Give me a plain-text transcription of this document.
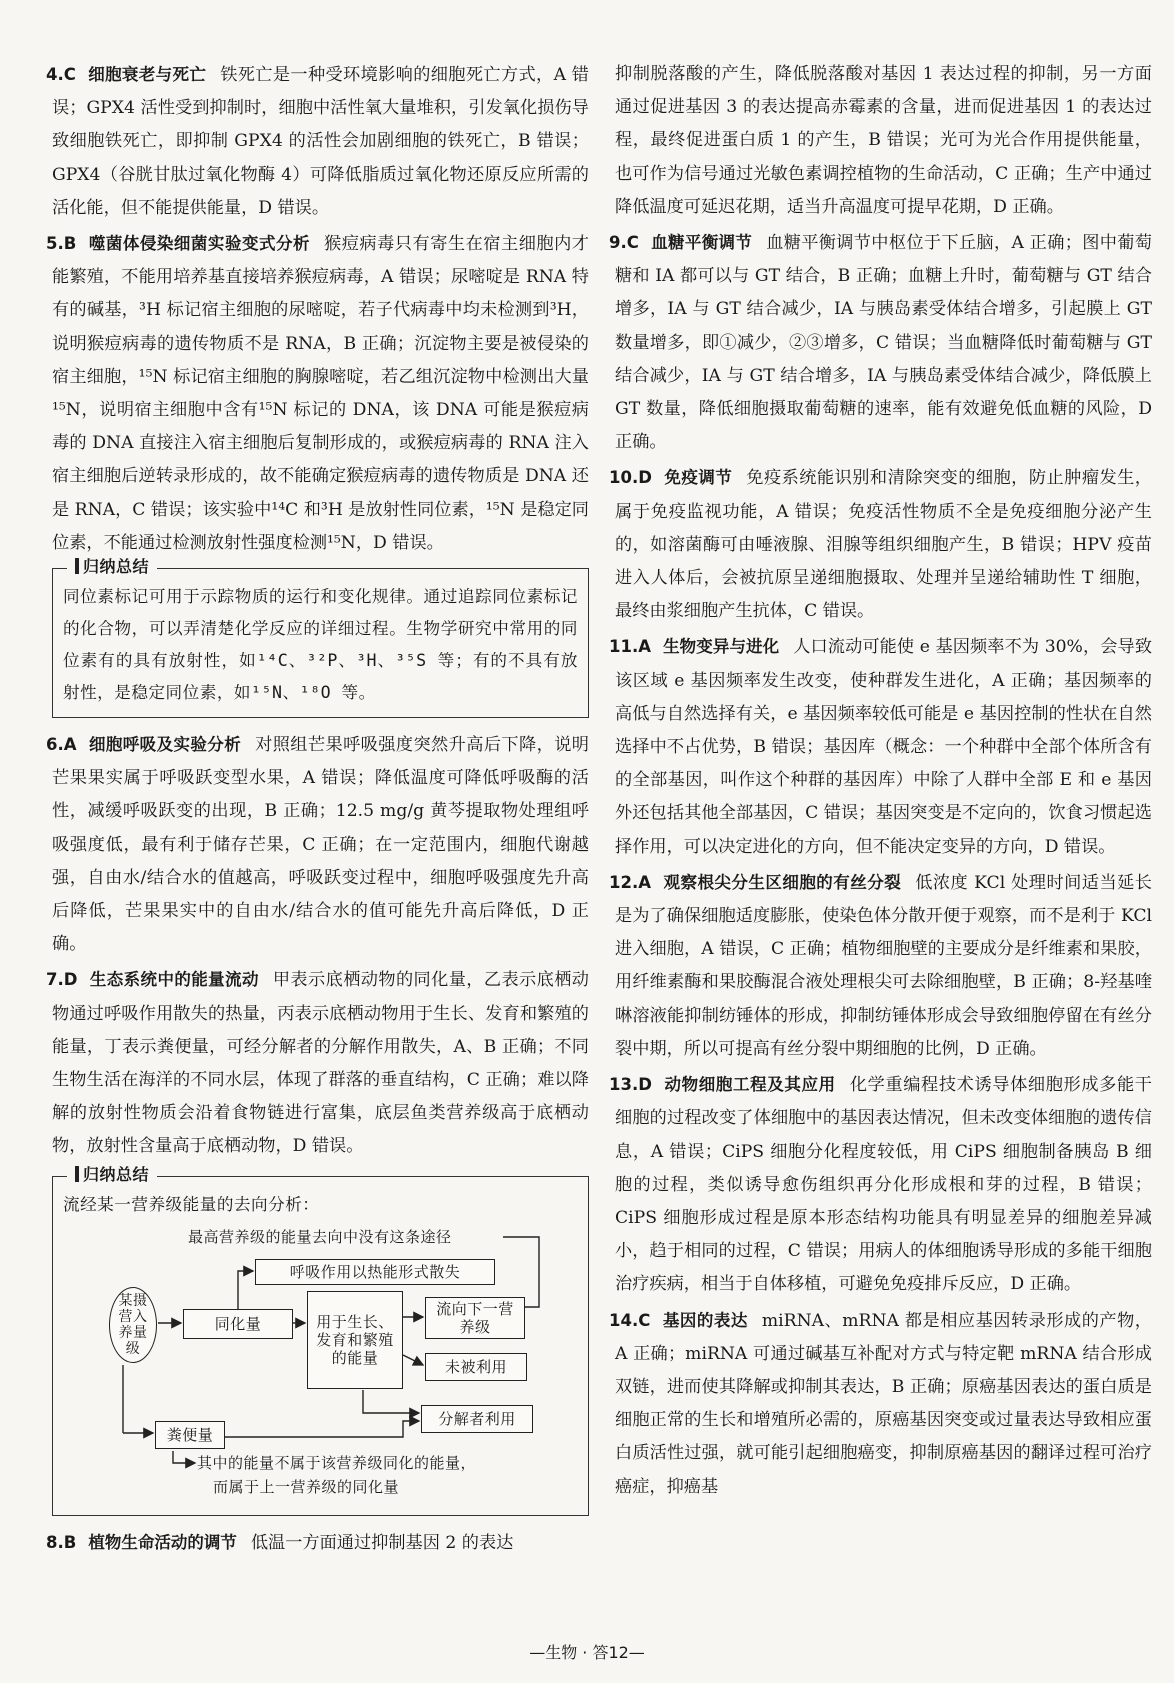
4.C 细胞衰老与死亡 铁死亡是一种受环境影响的细胞死亡方式，A 错误；GPX4 活性受到抑制时，细胞中活性氧大量堆积，引发氧化损伤导致细胞铁死亡，即抑制 GPX4 的活性会加剧细胞的铁死亡，B 错误；GPX4（谷胱甘肽过氧化物酶 4）可降低脂质过氧化物还原反应所需的活化能，但不能提供能量，D 错误。
5.B 噬菌体侵染细菌实验变式分析 猴痘病毒只有寄生在宿主细胞内才能繁殖，不能用培养基直接培养猴痘病毒，A 错误；尿嘧啶是 RNA 特有的碱基，³H 标记宿主细胞的尿嘧啶，若子代病毒中均未检测到³H，说明猴痘病毒的遗传物质不是 RNA，B 正确；沉淀物主要是被侵染的宿主细胞，¹⁵N 标记宿主细胞的胸腺嘧啶，若乙组沉淀物中检测出大量¹⁵N，说明宿主细胞中含有¹⁵N 标记的 DNA，该 DNA 可能是猴痘病毒的 DNA 直接注入宿主细胞后复制形成的，或猴痘病毒的 RNA 注入宿主细胞后逆转录形成的，故不能确定猴痘病毒的遗传物质是 DNA 还是 RNA，C 错误；该实验中¹⁴C 和³H 是放射性同位素，¹⁵N 是稳定同位素，不能通过检测放射性强度检测¹⁵N，D 错误。
归纳总结
同位素标记可用于示踪物质的运行和变化规律。通过追踪同位素标记的化合物，可以弄清楚化学反应的详细过程。生物学研究中常用的同位素有的具有放射性，如¹⁴C、³²P、³H、³⁵S 等；有的不具有放射性，是稳定同位素，如¹⁵N、¹⁸O 等。
6.A 细胞呼吸及实验分析 对照组芒果呼吸强度突然升高后下降，说明芒果果实属于呼吸跃变型水果，A 错误；降低温度可降低呼吸酶的活性，减缓呼吸跃变的出现，B 正确；12.5 mg/g 黄芩提取物处理组呼吸强度低，最有利于储存芒果，C 正确；在一定范围内，细胞代谢越强，自由水/结合水的值越高，呼吸跃变过程中，细胞呼吸强度先升高后降低，芒果果实中的自由水/结合水的值可能先升高后降低，D 正确。
7.D 生态系统中的能量流动 甲表示底栖动物的同化量，乙表示底栖动物通过呼吸作用散失的热量，丙表示底栖动物用于生长、发育和繁殖的能量，丁表示粪便量，可经分解者的分解作用散失，A、B 正确；不同生物生活在海洋的不同水层，体现了群落的垂直结构，C 正确；难以降解的放射性物质会沿着食物链进行富集，底层鱼类营养级高于底栖动物，放射性含量高于底栖动物，D 错误。
归纳总结
流经某一营养级能量的去向分析：
最高营养级的能量去向中没有这条途径
呼吸作用以热能形式散失
某摄营入养量级
同化量	用于生长、发育和繁殖的能量
流向下一营养级
未被利用
分解者利用
粪便量
其中的能量不属于该营养级同化的能量，
而属于上一营养级的同化量
8.B 植物生命活动的调节 低温一方面通过抑制基因 2 的表达
抑制脱落酸的产生，降低脱落酸对基因 1 表达过程的抑制，另一方面通过促进基因 3 的表达提高赤霉素的含量，进而促进基因 1 的表达过程，最终促进蛋白质 1 的产生，B 错误；光可为光合作用提供能量，也可作为信号通过光敏色素调控植物的生命活动，C 正确；生产中通过降低温度可延迟花期，适当升高温度可提早花期，D 正确。
9.C 血糖平衡调节 血糖平衡调节中枢位于下丘脑，A 正确；图中葡萄糖和 IA 都可以与 GT 结合，B 正确；血糖上升时，葡萄糖与 GT 结合增多，IA 与 GT 结合减少，IA 与胰岛素受体结合增多，引起膜上 GT 数量增多，即①减少，②③增多，C 错误；当血糖降低时葡萄糖与 GT 结合减少，IA 与 GT 结合增多，IA 与胰岛素受体结合减少，降低膜上 GT 数量，降低细胞摄取葡萄糖的速率，能有效避免低血糖的风险，D 正确。
10.D 免疫调节 免疫系统能识别和清除突变的细胞，防止肿瘤发生，属于免疫监视功能，A 错误；免疫活性物质不全是免疫细胞分泌产生的，如溶菌酶可由唾液腺、泪腺等组织细胞产生，B 错误；HPV 疫苗进入人体后，会被抗原呈递细胞摄取、处理并呈递给辅助性 T 细胞，最终由浆细胞产生抗体，C 错误。
11.A 生物变异与进化 人口流动可能使 e 基因频率不为 30%，会导致该区域 e 基因频率发生改变，使种群发生进化，A 正确；基因频率的高低与自然选择有关，e 基因频率较低可能是 e 基因控制的性状在自然选择中不占优势，B 错误；基因库（概念：一个种群中全部个体所含有的全部基因，叫作这个种群的基因库）中除了人群中全部 E 和 e 基因外还包括其他全部基因，C 错误；基因突变是不定向的，饮食习惯起选择作用，可以决定进化的方向，但不能决定变异的方向，D 错误。
12.A 观察根尖分生区细胞的有丝分裂 低浓度 KCl 处理时间适当延长是为了确保细胞适度膨胀，使染色体分散开便于观察，而不是利于 KCl 进入细胞，A 错误，C 正确；植物细胞壁的主要成分是纤维素和果胶，用纤维素酶和果胶酶混合液处理根尖可去除细胞壁，B 正确；8-羟基喹啉溶液能抑制纺锤体的形成，抑制纺锤体形成会导致细胞停留在有丝分裂中期，所以可提高有丝分裂中期细胞的比例，D 正确。
13.D 动物细胞工程及其应用 化学重编程技术诱导体细胞形成多能干细胞的过程改变了体细胞中的基因表达情况，但未改变体细胞的遗传信息，A 错误；CiPS 细胞分化程度较低，用 CiPS 细胞制备胰岛 B 细胞的过程，类似诱导愈伤组织再分化形成根和芽的过程，B 错误；CiPS 细胞形成过程是原本形态结构功能具有明显差异的细胞差异减小，趋于相同的过程，C 错误；用病人的体细胞诱导形成的多能干细胞治疗疾病，相当于自体移植，可避免免疫排斥反应，D 正确。
14.C 基因的表达 miRNA、mRNA 都是相应基因转录形成的产物，A 正确；miRNA 可通过碱基互补配对方式与特定靶 mRNA 结合形成双链，进而使其降解或抑制其表达，B 正确；原癌基因表达的蛋白质是细胞正常的生长和增殖所必需的，原癌基因突变或过量表达导致相应蛋白质活性过强，就可能引起细胞癌变，抑制原癌基因的翻译过程可治疗癌症，抑癌基
—生物 · 答12—
